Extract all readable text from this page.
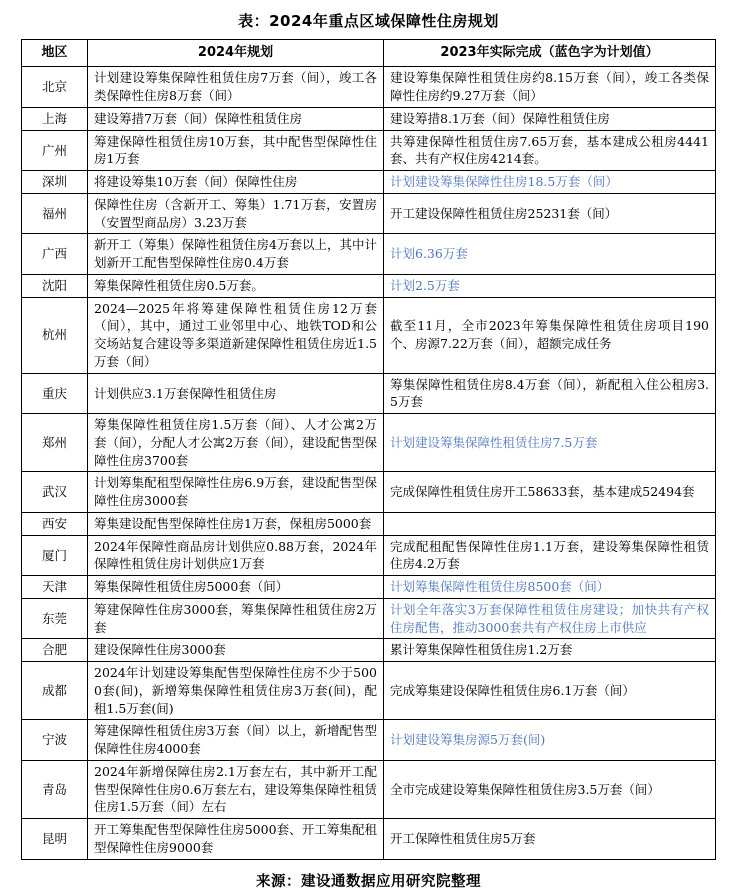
表：2024年重点区域保障性住房规划
地区	2024年规划	2023年实际完成（蓝色字为计划值）
北京	计划建设筹集保障性租赁住房7万套（间），竣工各类保障性住房8万套（间）	建设筹集保障性租赁住房约8.15万套（间），竣工各类保障性住房约9.27万套（间）
上海	建设筹措7万套（间）保障性租赁住房	建设筹措8.1万套（间）保障性租赁住房
广州	筹建保障性租赁住房10万套，其中配售型保障性住房1万套	共筹建保障性租赁住房7.65万套，基本建成公租房4441套、共有产权住房4214套。
深圳	将建设筹集10万套（间）保障性住房	计划建设筹集保障性住房18.5万套（间）
福州	保障性住房（含新开工、筹集）1.71万套，安置房（安置型商品房）3.23万套	开工建设保障性租赁住房25231套（间）
广西	新开工（筹集）保障性租赁住房4万套以上，其中计划新开工配售型保障性住房0.4万套	计划6.36万套
沈阳	筹集保障性租赁住房0.5万套。	计划2.5万套
杭州	2024—2025年将筹建保障性租赁住房12万套（间），其中，通过工业邻里中心、地铁TOD和公交场站复合建设等多渠道新建保障性租赁住房近1.5万套（间）	截至11月，全市2023年筹集保障性租赁住房项目190个、房源7.22万套（间），超额完成任务
重庆	计划供应3.1万套保障性租赁住房	筹集保障性租赁住房8.4万套（间），新配租入住公租房3.5万套
郑州	筹集保障性租赁住房1.5万套（间）、人才公寓2万套（间），分配人才公寓2万套（间），建设配售型保障性住房3700套	计划建设筹集保障性租赁住房7.5万套
武汉	计划筹集配租型保障性住房6.9万套，建设配售型保障性住房3000套	完成保障性租赁住房开工58633套，基本建成52494套
西安	筹集建设配售型保障性住房1万套，保租房5000套	
厦门	2024年保障性商品房计划供应0.88万套，2024年保障性租赁住房计划供应1万套	完成配租配售保障性住房1.1万套，建设筹集保障性租赁住房4.2万套
天津	筹集保障性租赁住房5000套（间）	计划筹集保障性租赁住房8500套（间）
东莞	筹建保障性住房3000套，筹集保障性租赁住房2万套	计划全年落实3万套保障性租赁住房建设；加快共有产权住房配售，推动3000套共有产权住房上市供应
合肥	建设保障性住房3000套	累计筹集保障性租赁住房1.2万套
成都	2024年计划建设筹集配售型保障性住房不少于5000套(间)，新增筹集保障性租赁住房3万套(间)，配租1.5万套(间)	完成筹集建设保障性租赁住房6.1万套（间）
宁波	筹建保障性租赁住房3万套（间）以上，新增配售型保障性住房4000套	计划建设筹集房源5万套(间)
青岛	2024年新增保障住房2.1万套左右，其中新开工配售型保障性住房0.6万套左右，建设筹集保障性租赁住房1.5万套（间）左右	全市完成建设筹集保障性租赁住房3.5万套（间）
昆明	开工筹集配售型保障性住房5000套、开工筹集配租型保障性住房9000套	开工保障性租赁住房5万套
来源：建设通数据应用研究院整理
